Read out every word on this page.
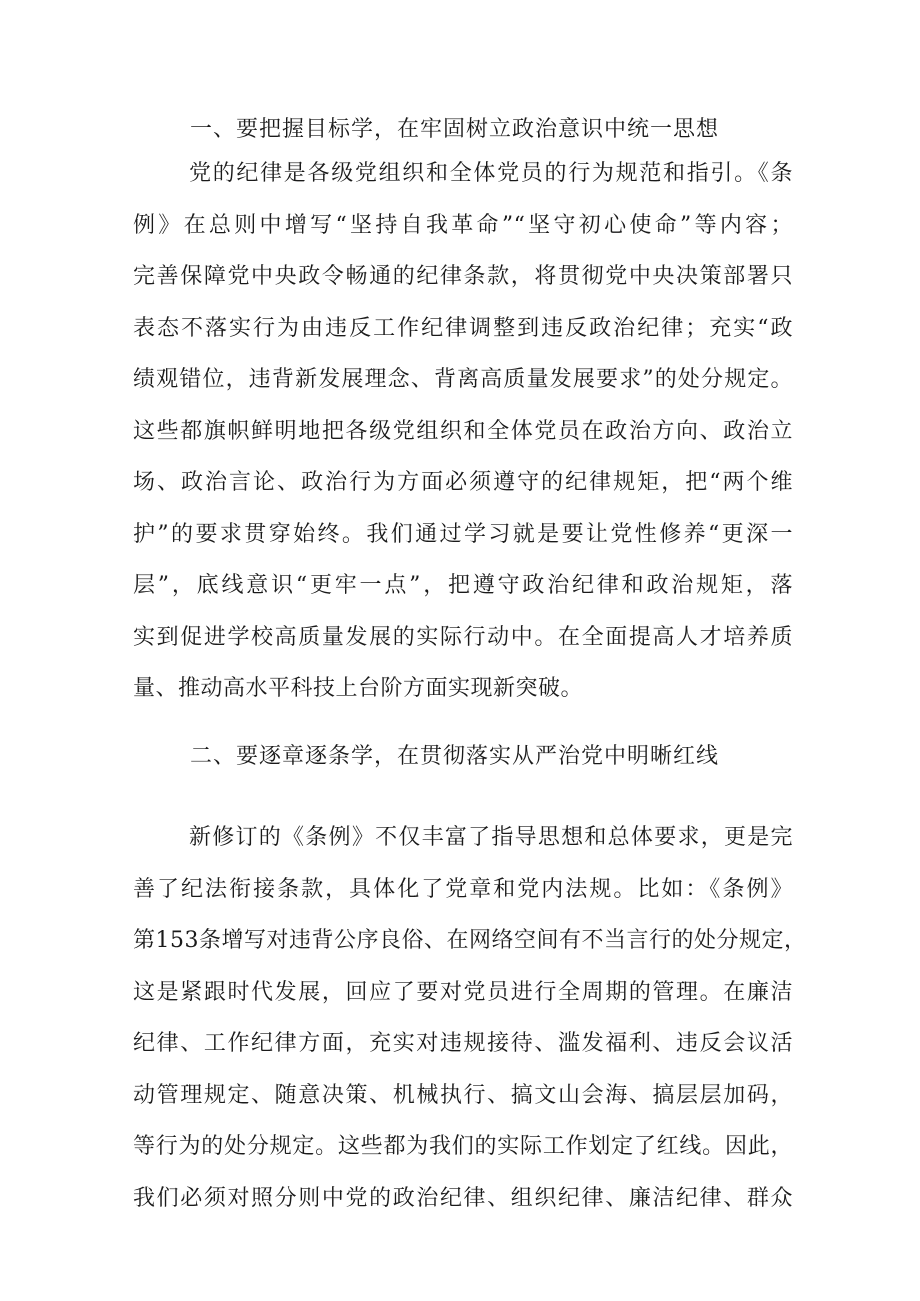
一、要把握目标学，在牢固树立政治意识中统一思想
党的纪律是各级党组织和全体党员的行为规范和指引。《条
例》在总则中增写“坚持自我革命”“坚守初心使命”等内容；
完善保障党中央政令畅通的纪律条款，将贯彻党中央决策部署只
表态不落实行为由违反工作纪律调整到违反政治纪律；充实“政
绩观错位，违背新发展理念、背离高质量发展要求”的处分规定。
这些都旗帜鲜明地把各级党组织和全体党员在政治方向、政治立
场、政治言论、政治行为方面必须遵守的纪律规矩，把“两个维
护”的要求贯穿始终。我们通过学习就是要让党性修养“更深一
层”，底线意识“更牢一点”，把遵守政治纪律和政治规矩，落
实到促进学校高质量发展的实际行动中。在全面提高人才培养质
量、推动高水平科技上台阶方面实现新突破。
二、要逐章逐条学，在贯彻落实从严治党中明晰红线
新修订的《条例》不仅丰富了指导思想和总体要求，更是完
善了纪法衔接条款，具体化了党章和党内法规。比如：《条例》
第153条增写对违背公序良俗、在网络空间有不当言行的处分规定，
这是紧跟时代发展，回应了要对党员进行全周期的管理。在廉洁
纪律、工作纪律方面，充实对违规接待、滥发福利、违反会议活
动管理规定、随意决策、机械执行、搞文山会海、搞层层加码，
等行为的处分规定。这些都为我们的实际工作划定了红线。因此，
我们必须对照分则中党的政治纪律、组织纪律、廉洁纪律、群众
